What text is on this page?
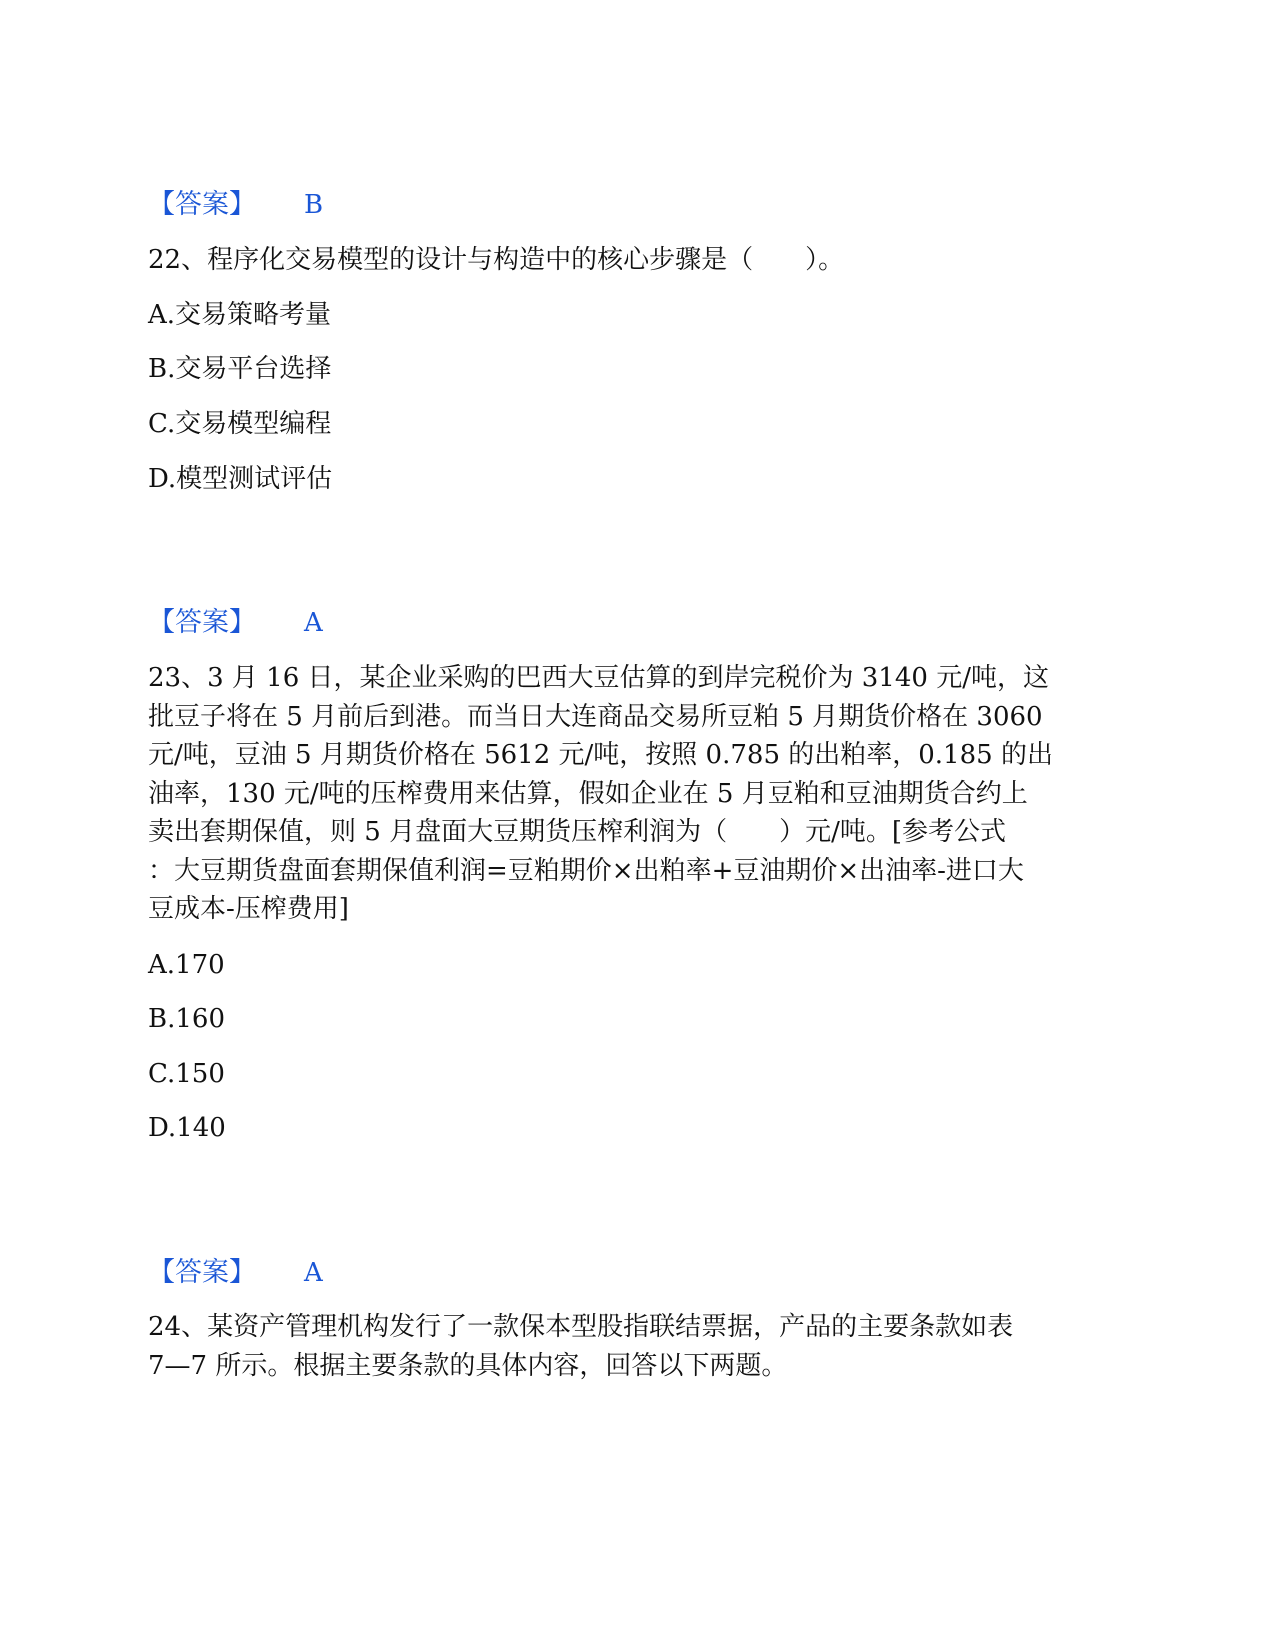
【答案】 B
22、程序化交易模型的设计与构造中的核心步骤是（　　）。
A.交易策略考量
B.交易平台选择
C.交易模型编程
D.模型测试评估
【答案】 A
23、3 月 16 日，某企业采购的巴西大豆估算的到岸完税价为 3140 元/吨，这
批豆子将在 5 月前后到港。而当日大连商品交易所豆粕 5 月期货价格在 3060
元/吨，豆油 5 月期货价格在 5612 元/吨，按照 0.785 的出粕率，0.185 的出
油率，130 元/吨的压榨费用来估算，假如企业在 5 月豆粕和豆油期货合约上
卖出套期保值，则 5 月盘面大豆期货压榨利润为（　　）元/吨。[参考公式
：大豆期货盘面套期保值利润=豆粕期价×出粕率+豆油期价×出油率-进口大
豆成本-压榨费用]
A.170
B.160
C.150
D.140
【答案】 A
24、某资产管理机构发行了一款保本型股指联结票据，产品的主要条款如表
7—7 所示。根据主要条款的具体内容，回答以下两题。
